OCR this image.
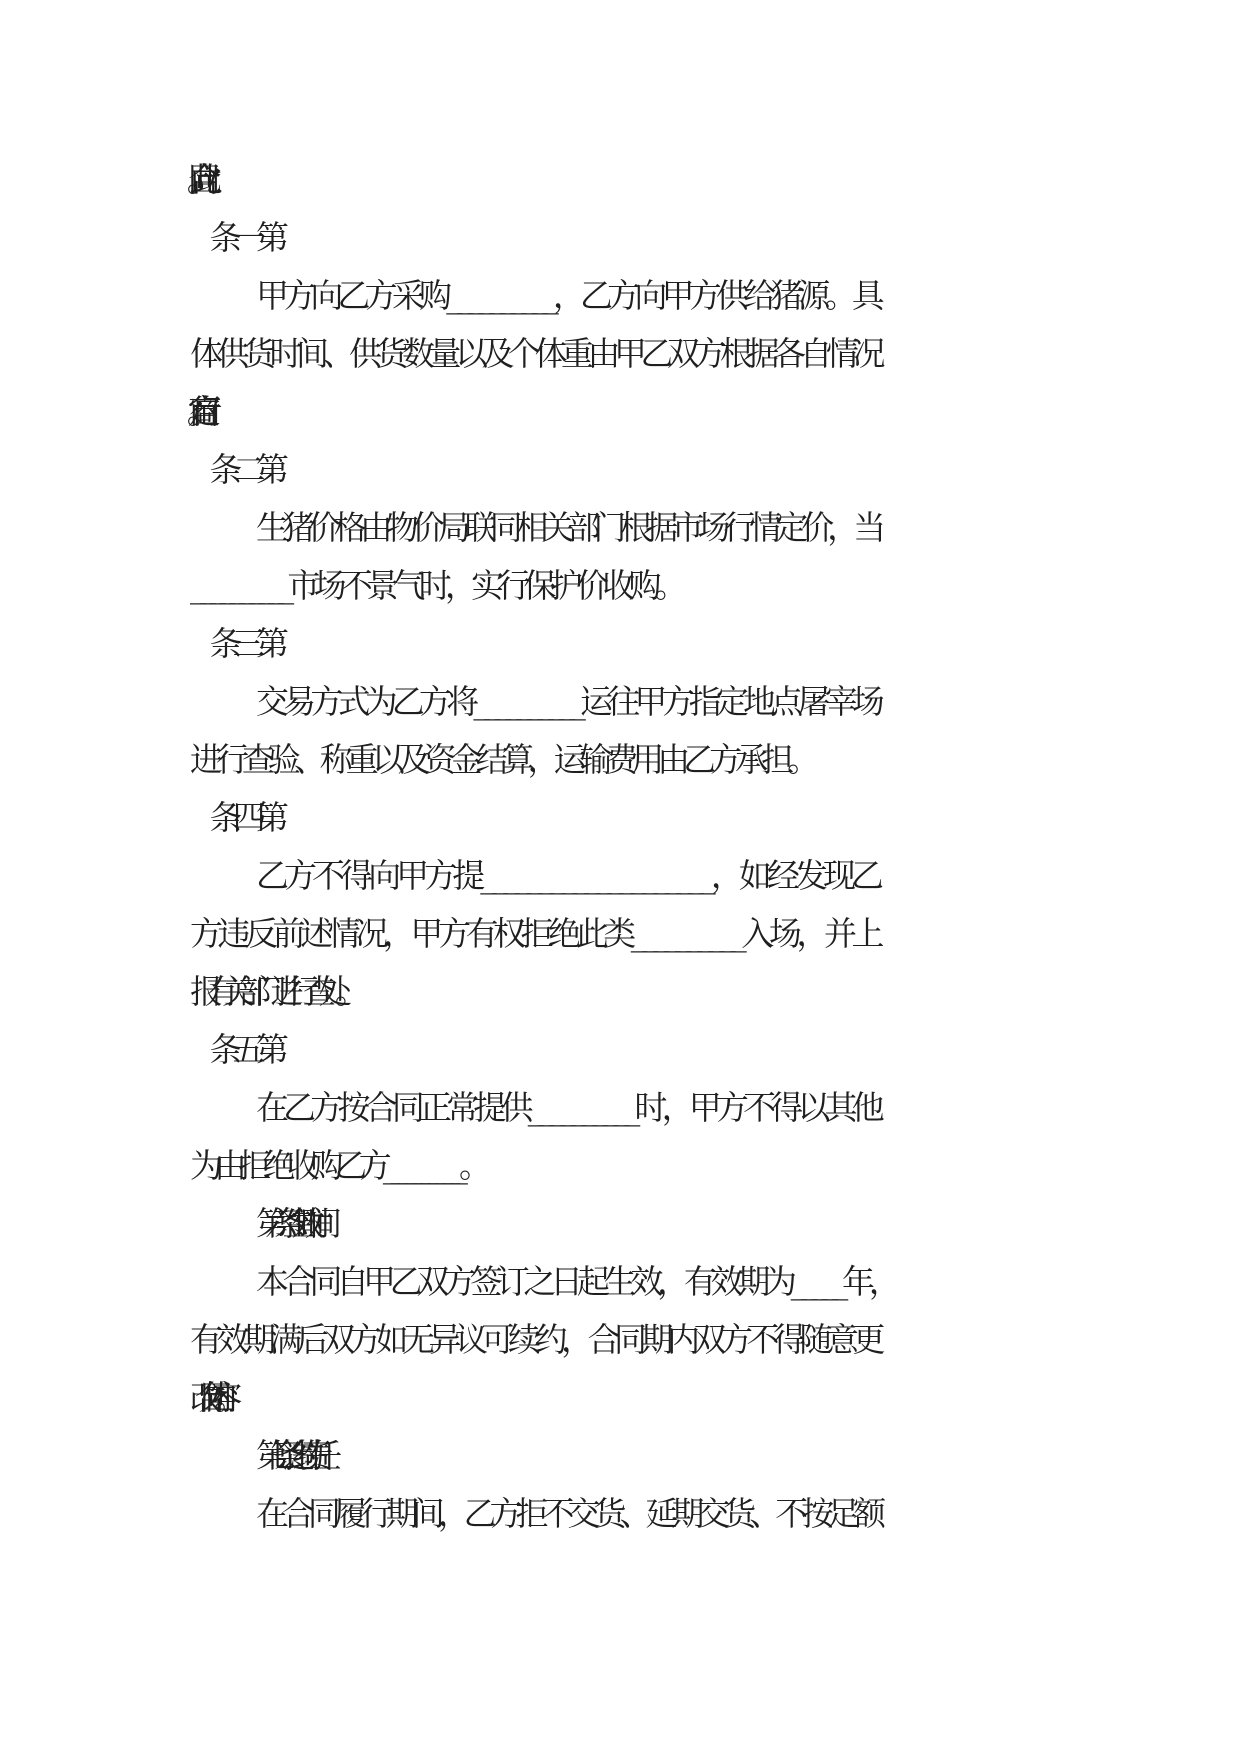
甲方向乙方采购__________，乙方向甲方供给猪源。具
体供货时间、供货数量以及个体重由甲乙双方根据各自情况
生猪价格由物价局联同相关部门根据市场行情定价，当
__________市场不景气时，实行保护价收购。
交易方式为乙方将__________运往甲方指定地点屠宰场
进行查验、称重以及资金结算，运输费用由乙方承担。
乙方不得向甲方提____________________，如经发现乙
方违反前述情况，甲方有权拒绝此类__________入场，并上
报有关部门进行查处。
在乙方按合同正常提供__________时，甲方不得以其他
为由拒绝收购乙方__________。
第六条生效时间
本合同自甲乙双方签订之日起生效，有效期为_____年，
有效期满后双方如无异议可续约，合同期内双方不得随意更
改合同内容。
第七条违约责任
在合同履行期间，乙方拒不交货、延期交货、不按足额
